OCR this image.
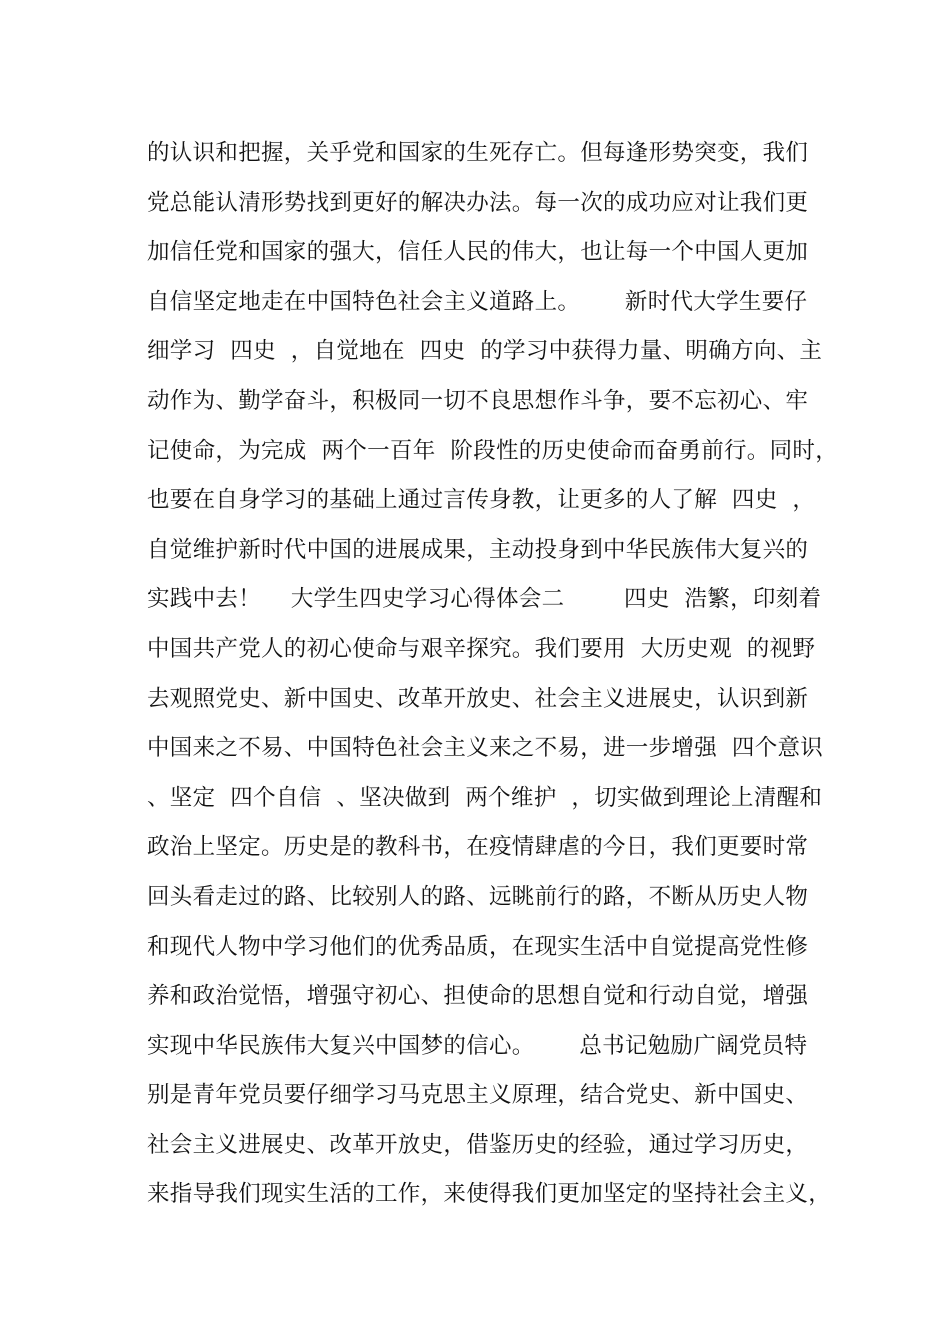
的认识和把握，关乎党和国家的生死存亡。但每逢形势突变，我们
党总能认清形势找到更好的解决办法。每一次的成功应对让我们更
加信任党和国家的强大，信任人民的伟大，也让每一个中国人更加
自信坚定地走在中国特色社会主义道路上。      新时代大学生要仔
细学习  四史  ，自觉地在  四史  的学习中获得力量、明确方向、主
动作为、勤学奋斗，积极同一切不良思想作斗争，要不忘初心、牢
记使命，为完成  两个一百年  阶段性的历史使命而奋勇前行。同时，
也要在自身学习的基础上通过言传身教，让更多的人了解  四史  ，
自觉维护新时代中国的进展成果，主动投身到中华民族伟大复兴的
实践中去！    大学生四史学习心得体会二        四史  浩繁，印刻着
中国共产党人的初心使命与艰辛探究。我们要用  大历史观  的视野
去观照党史、新中国史、改革开放史、社会主义进展史，认识到新
中国来之不易、中国特色社会主义来之不易，进一步增强  四个意识
、坚定  四个自信  、坚决做到  两个维护  ，切实做到理论上清醒和
政治上坚定。历史是的教科书，在疫情肆虐的今日，我们更要时常
回头看走过的路、比较别人的路、远眺前行的路，不断从历史人物
和现代人物中学习他们的优秀品质，在现实生活中自觉提高党性修
养和政治觉悟，增强守初心、担使命的思想自觉和行动自觉，增强
实现中华民族伟大复兴中国梦的信心。      总书记勉励广阔党员特
别是青年党员要仔细学习马克思主义原理，结合党史、新中国史、
社会主义进展史、改革开放史，借鉴历史的经验，通过学习历史，
来指导我们现实生活的工作，来使得我们更加坚定的坚持社会主义，
